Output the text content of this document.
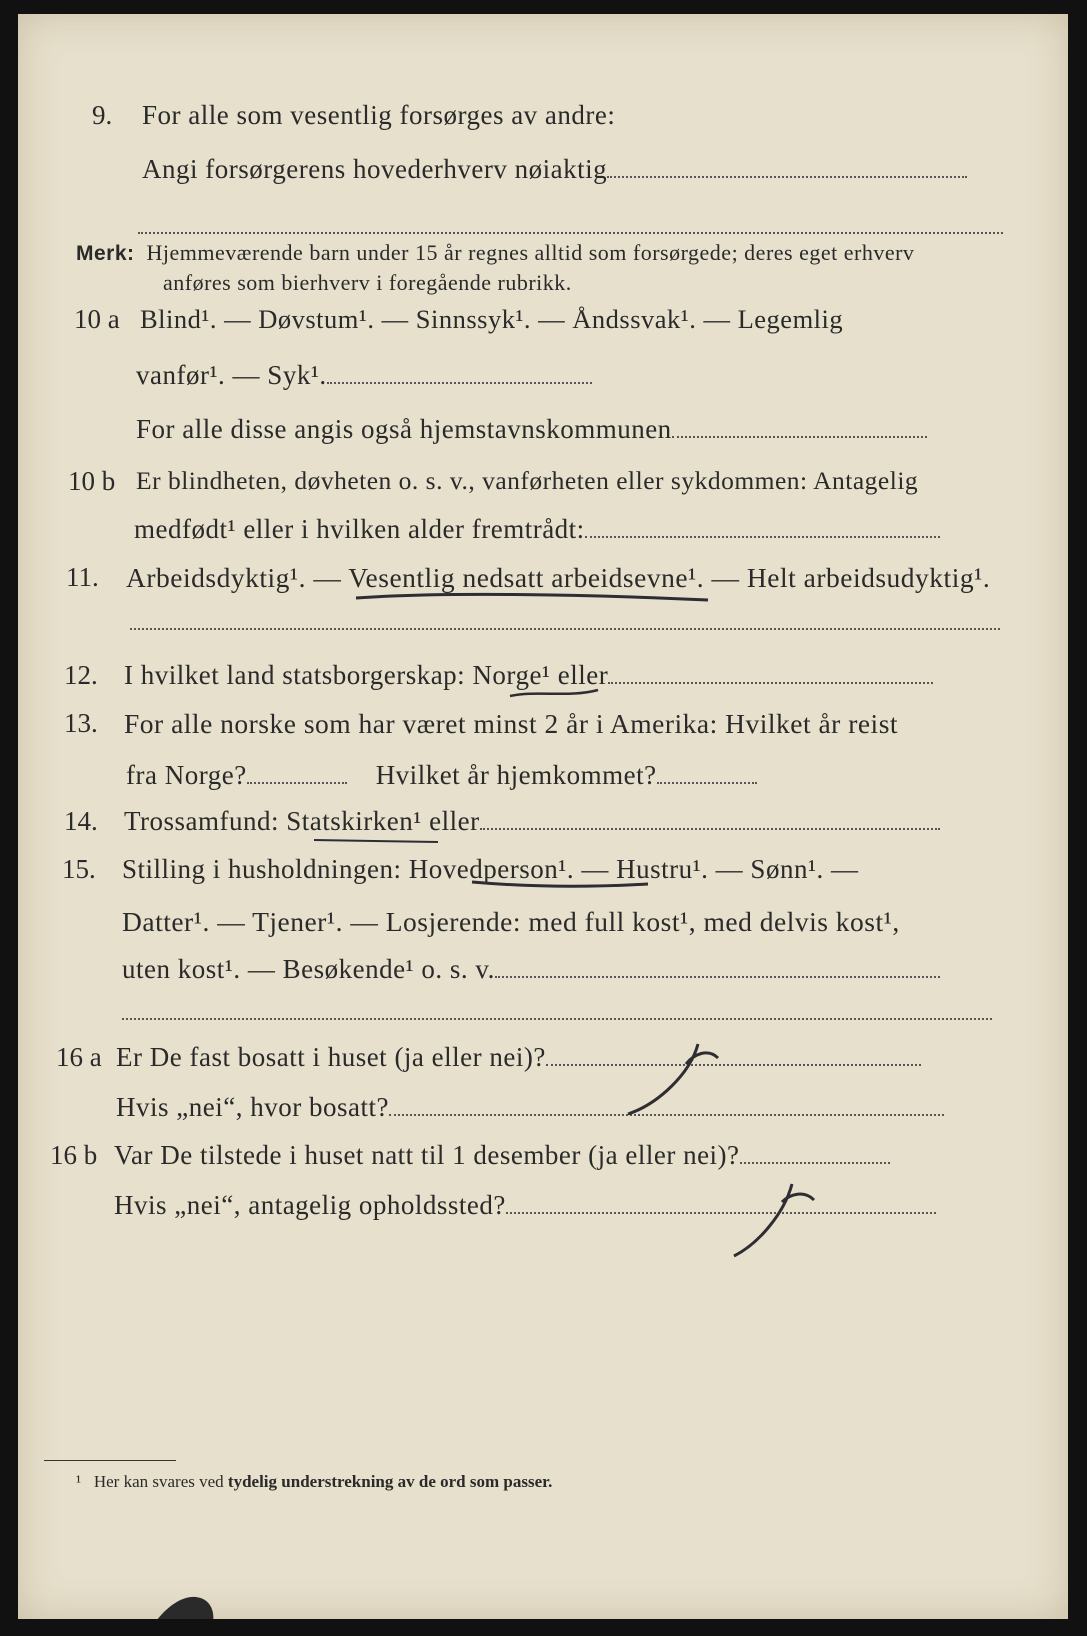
9. For alle som vesentlig forsørges av andre:
Angi forsørgerens hovederhverv nøiaktig
Merk: Hjemmeværende barn under 15 år regnes alltid som forsørgede; deres eget erhverv
anføres som bierhverv i foregående rubrikk.
10 a Blind¹. — Døvstum¹. — Sinnssyk¹. — Åndssvak¹. — Legemlig
vanfør¹. — Syk¹.
For alle disse angis også hjemstavnskommunen
10 b Er blindheten, døvheten o. s. v., vanførheten eller sykdommen: Antagelig
medfødt¹ eller i hvilken alder fremtrådt:
11. Arbeidsdyktig¹. — Vesentlig nedsatt arbeidsevne¹. — Helt arbeidsudyktig¹.
12. I hvilket land statsborgerskap: Norge¹ eller
13. For alle norske som har været minst 2 år i Amerika: Hvilket år reist
fra Norge?	Hvilket år hjemkommet?
14. Trossamfund: Statskirken¹ eller
15. Stilling i husholdningen: Hovedperson¹. — Hustru¹. — Sønn¹. —
Datter¹. — Tjener¹. — Losjerende: med full kost¹, med delvis kost¹,
uten kost¹. — Besøkende¹ o. s. v.
16 a Er De fast bosatt i huset (ja eller nei)?
Hvis „nei“, hvor bosatt?
16 b Var De tilstede i huset natt til 1 desember (ja eller nei)?
Hvis „nei“, antagelig opholdssted?
¹ Her kan svares ved tydelig understrekning av de ord som passer.
